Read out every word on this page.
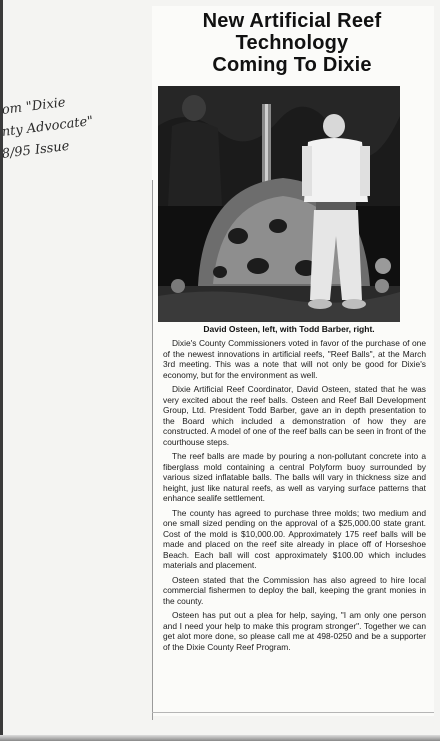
om "Dixie
nty Advocate"
8/95 Issue
New Artificial Reef
Technology
Coming To Dixie
David Osteen, left, with Todd Barber, right.

Dixie's County Commissioners voted in favor of the purchase of one of the newest innovations in artificial reefs, "Reef Balls", at the March 3rd meeting. This was a note that will not only be good for Dixie's economy, but for the environment as well.

Dixie Artificial Reef Coordinator, David Osteen, stated that he was very excited about the reef balls. Osteen and Reef Ball Development Group, Ltd. President Todd Barber, gave an in depth presentation to the Board which included a demonstration of how they are constructed. A model of one of the reef balls can be seen in front of the courthouse steps.

The reef balls are made by pouring a non-pollutant concrete into a fiberglass mold containing a central Polyform buoy surrounded by various sized inflatable balls. The balls will vary in thickness size and height, just like natural reefs, as well as varying surface patterns that enhance sealife settlement.

The county has agreed to purchase three molds; two medium and one small sized pending on the approval of a $25,000.00 state grant. Cost of the mold is $10,000.00. Approximately 175 reef balls will be made and placed on the reef site already in place off of Horseshoe Beach. Each ball will cost approximately $100.00 which includes materials and placement.

Osteen stated that the Commission has also agreed to hire local commercial fishermen to deploy the ball, keeping the grant monies in the county.

Osteen has put out a plea for help, saying, "I am only one person and I need your help to make this program stronger". Together we can get alot more done, so please call me at 498-0250 and be a supporter of the Dixie County Reef Program.
